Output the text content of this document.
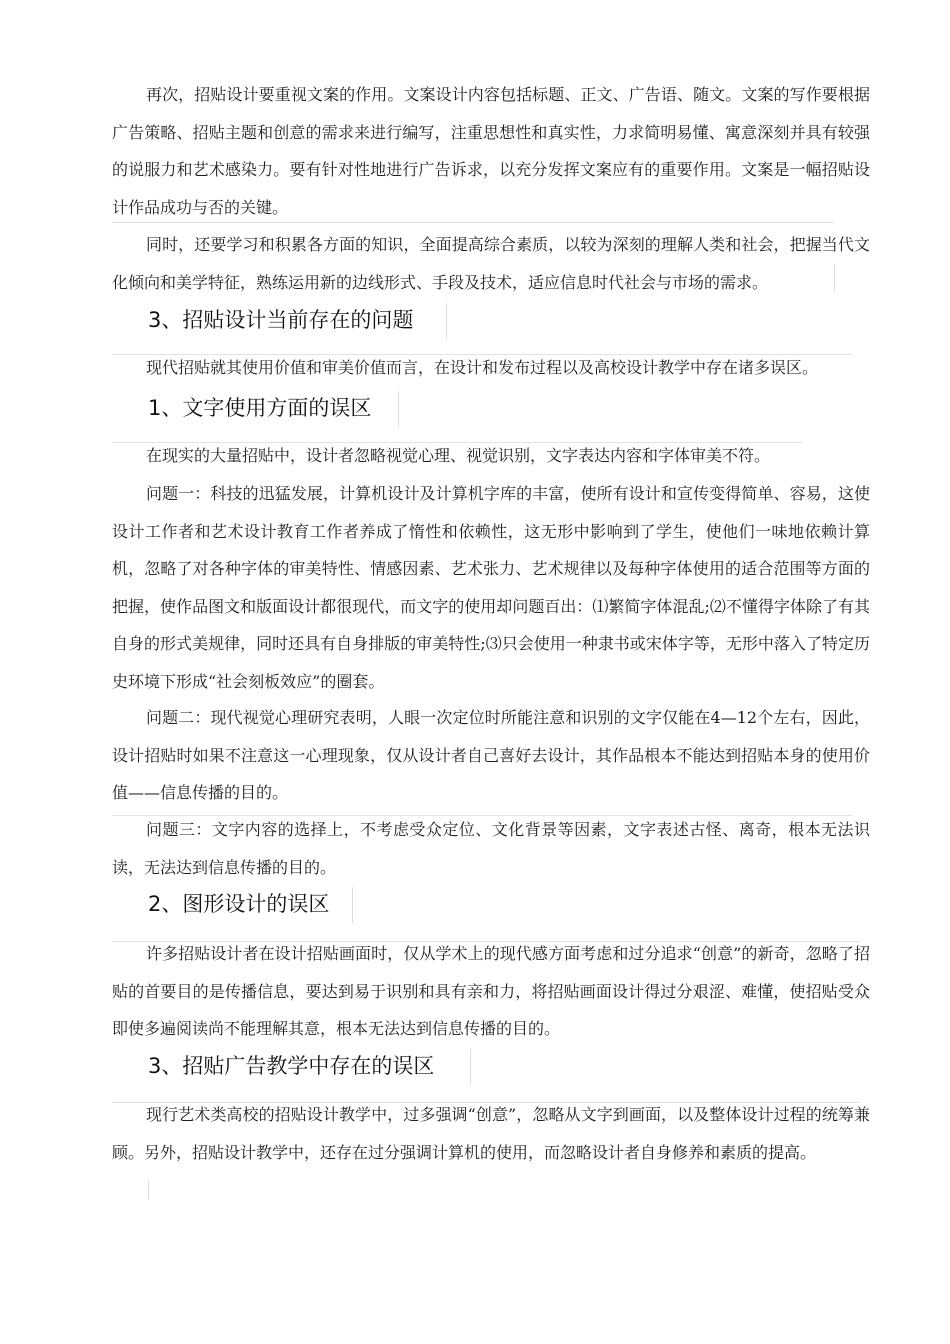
再次，招贴设计要重视文案的作用。文案设计内容包括标题、正文、广告语、随文。文案的写作要根据广告策略、招贴主题和创意的需求来进行编写，注重思想性和真实性，力求简明易懂、寓意深刻并具有较强的说服力和艺术感染力。要有针对性地进行广告诉求，以充分发挥文案应有的重要作用。文案是一幅招贴设计作品成功与否的关键。

同时，还要学习和积累各方面的知识，全面提高综合素质，以较为深刻的理解人类和社会，把握当代文化倾向和美学特征，熟练运用新的边线形式、手段及技术，适应信息时代社会与市场的需求。

3、招贴设计当前存在的问题

现代招贴就其使用价值和审美价值而言，在设计和发布过程以及高校设计教学中存在诸多误区。

1、文字使用方面的误区

在现实的大量招贴中，设计者忽略视觉心理、视觉识别，文字表达内容和字体审美不符。

问题一：科技的迅猛发展，计算机设计及计算机字库的丰富，使所有设计和宣传变得简单、容易，这使设计工作者和艺术设计教育工作者养成了惰性和依赖性，这无形中影响到了学生，使他们一味地依赖计算机，忽略了对各种字体的审美特性、情感因素、艺术张力、艺术规律以及每种字体使用的适合范围等方面的把握，使作品图文和版面设计都很现代，而文字的使用却问题百出：⑴繁简字体混乱;⑵不懂得字体除了有其自身的形式美规律，同时还具有自身排版的审美特性;⑶只会使用一种隶书或宋体字等，无形中落入了特定历史环境下形成“社会刻板效应”的圈套。

问题二：现代视觉心理研究表明，人眼一次定位时所能注意和识别的文字仅能在4—12个左右，因此，设计招贴时如果不注意这一心理现象，仅从设计者自己喜好去设计，其作品根本不能达到招贴本身的使用价值——信息传播的目的。

问题三：文字内容的选择上，不考虑受众定位、文化背景等因素，文字表述古怪、离奇，根本无法识读，无法达到信息传播的目的。

2、图形设计的误区

许多招贴设计者在设计招贴画面时，仅从学术上的现代感方面考虑和过分追求“创意”的新奇，忽略了招贴的首要目的是传播信息，要达到易于识别和具有亲和力，将招贴画面设计得过分艰涩、难懂，使招贴受众即使多遍阅读尚不能理解其意，根本无法达到信息传播的目的。

3、招贴广告教学中存在的误区

现行艺术类高校的招贴设计教学中，过多强调“创意”，忽略从文字到画面，以及整体设计过程的统筹兼顾。另外，招贴设计教学中，还存在过分强调计算机的使用，而忽略设计者自身修养和素质的提高。
